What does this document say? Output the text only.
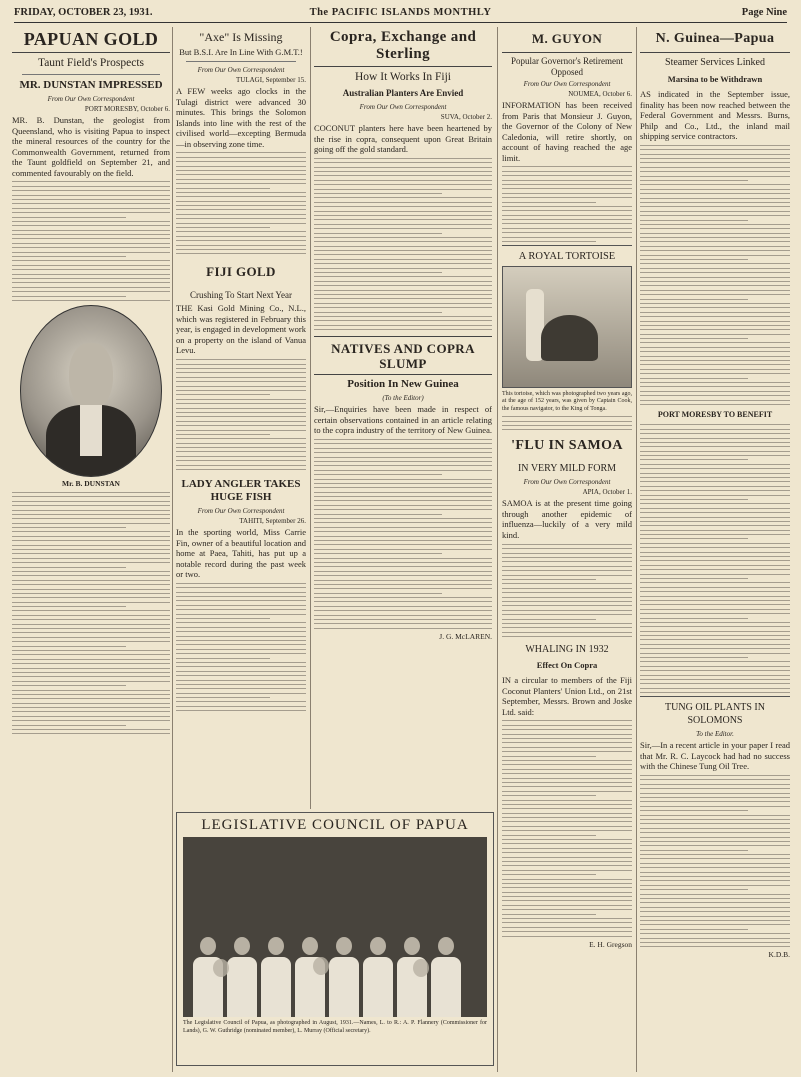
FRIDAY, OCTOBER 23, 1931.	The PACIFIC ISLANDS MONTHLY	Page Nine
PAPUAN GOLD
Taunt Field's Prospects
MR. DUNSTAN IMPRESSED
From Our Own Correspondent
PORT MORESBY, October 6.

MR. B. Dunstan, the geologist from Queensland, who is visiting Papua to inspect the mineral resources of the country for the Commonwealth Government, returned from the Taunt goldfield on September 21, and commented favourably on the field.

Mr. B. DUNSTAN
"Axe" Is Missing
But B.S.I. Are In Line With G.M.T.!
From Our Own Correspondent
TULAGI, September 15.

A FEW weeks ago clocks in the Tulagi district were advanced 30 minutes. This brings the Solomon Islands into line with the rest of the civilised world—excepting Bermuda—in observing zone time.

FIJI GOLD
Crushing To Start Next Year

THE Kasi Gold Mining Co., N.L., which was registered in February this year, is engaged in development work on a property on the island of Vanua Levu.

LADY ANGLER TAKES HUGE FISH
From Our Own Correspondent
TAHITI, September 26.

In the sporting world, Miss Carrie Fin, owner of a beautiful location and home at Paea, Tahiti, has put up a notable record during the past week or two.

Copra, Exchange and Sterling
How It Works In Fiji
Australian Planters Are Envied
From Our Own Correspondent
SUVA, October 2.

COCONUT planters here have been heartened by the rise in copra, consequent upon Great Britain going off the gold standard.

NATIVES AND COPRA SLUMP
Position In New Guinea
(To the Editor)

Sir,—Enquiries have been made in respect of certain observations contained in an article relating to the copra industry of the territory of New Guinea.

J. G. McLAREN.
M. GUYON
Popular Governor's Retirement Opposed
From Our Own Correspondent
NOUMEA, October 6.

INFORMATION has been received from Paris that Monsieur J. Guyon, the Governor of the Colony of New Caledonia, will retire shortly, on account of having reached the age limit.

A ROYAL TORTOISE

This tortoise, which was photographed two years ago, at the age of 152 years, was given by Captain Cook, the famous navigator, to the King of Tonga.

'FLU IN SAMOA
IN VERY MILD FORM
From Our Own Correspondent
APIA, October 1.

SAMOA is at the present time going through another epidemic of influenza—luckily of a very mild kind.

WHALING IN 1932
Effect On Copra

IN a circular to members of the Fiji Coconut Planters' Union Ltd., on 21st September, Messrs. Brown and Joske Ltd. said:

E. H. Gregson
N. Guinea—Papua
Steamer Services Linked
Marsina to be Withdrawn

AS indicated in the September issue, finality has been now reached between the Federal Government and Messrs. Burns, Philp and Co., Ltd., the inland mail shipping service contractors.

PORT MORESBY TO BENEFIT
TUNG OIL PLANTS IN SOLOMONS
To the Editor.

Sir,—In a recent article in your paper I read that Mr. R. C. Laycock had had no success with the Chinese Tung Oil Tree.

K.D.B.
LEGISLATIVE COUNCIL OF PAPUA

The Legislative Council of Papua, as photographed in August, 1931.—Names, L. to R.: A. P. Flannery (Commissioner for Lands), G. W. Guthridge (nominated member), L. Murray (Official secretary).
